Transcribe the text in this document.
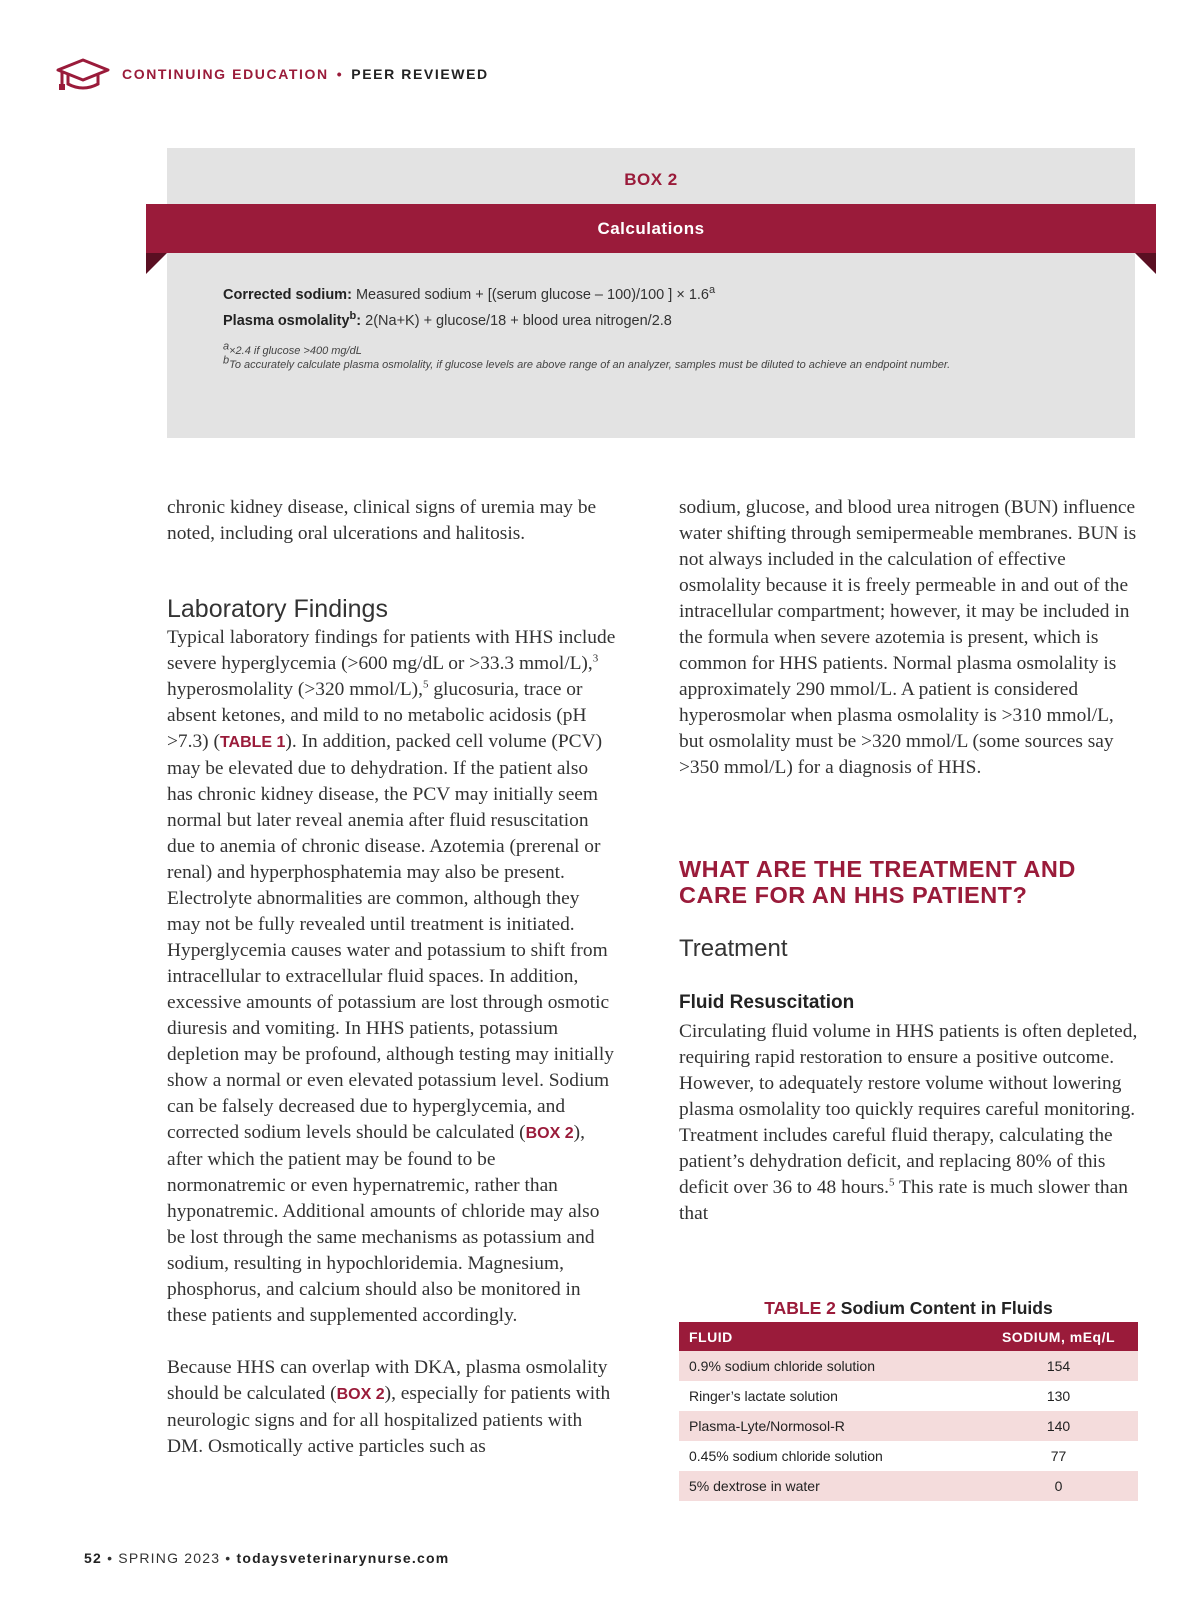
CONTINUING EDUCATION • PEER REVIEWED
BOX 2
Corrected sodium: Measured sodium + [(serum glucose – 100)/100 ] × 1.6$^a$
Plasma osmolality$^b$: 2(Na+K) + glucose/18 + blood urea nitrogen/2.8
$^a$×2.4 if glucose >400 mg/dL
$^b$To accurately calculate plasma osmolality, if glucose levels are above range of an analyzer, samples must be diluted to achieve an endpoint number.
Calculations

chronic kidney disease, clinical signs of uremia may be noted, including oral ulcerations and halitosis.

Laboratory Findings

Typical laboratory findings for patients with HHS include severe hyperglycemia (>600 mg/dL or >33.3 mmol/L),$^3$ hyperosmolality (>320 mmol/L),$^5$ glucosuria, trace or absent ketones, and mild to no metabolic acidosis (pH >7.3) (TABLE 1). In addition, packed cell volume (PCV) may be elevated due to dehydration. If the patient also has chronic kidney disease, the PCV may initially seem normal but later reveal anemia after fluid resuscitation due to anemia of chronic disease. Azotemia (prerenal or renal) and hyperphosphatemia may also be present. Electrolyte abnormalities are common, although they may not be fully revealed until treatment is initiated. Hyperglycemia causes water and potassium to shift from intracellular to extracellular fluid spaces. In addition, excessive amounts of potassium are lost through osmotic diuresis and vomiting. In HHS patients, potassium depletion may be profound, although testing may initially show a normal or even elevated potassium level. Sodium can be falsely decreased due to hyperglycemia, and corrected sodium levels should be calculated (BOX 2), after which the patient may be found to be normonatremic or even hypernatremic, rather than hyponatremic. Additional amounts of chloride may also be lost through the same mechanisms as potassium and sodium, resulting in hypochloridemia. Magnesium, phosphorus, and calcium should also be monitored in these patients and supplemented accordingly.

Because HHS can overlap with DKA, plasma osmolality should be calculated (BOX 2), especially for patients with neurologic signs and for all hospitalized patients with DM. Osmotically active particles such as

sodium, glucose, and blood urea nitrogen (BUN) influence water shifting through semipermeable membranes. BUN is not always included in the calculation of effective osmolality because it is freely permeable in and out of the intracellular compartment; however, it may be included in the formula when severe azotemia is present, which is common for HHS patients. Normal plasma osmolality is approximately 290 mmol/L. A patient is considered hyperosmolar when plasma osmolality is >310 mmol/L, but osmolality must be >320 mmol/L (some sources say >350 mmol/L) for a diagnosis of HHS.

WHAT ARE THE TREATMENT AND CARE FOR AN HHS PATIENT?
Treatment
Fluid Resuscitation

Circulating fluid volume in HHS patients is often depleted, requiring rapid restoration to ensure a positive outcome. However, to adequately restore volume without lowering plasma osmolality too quickly requires careful monitoring. Treatment includes careful fluid therapy, calculating the patient’s dehydration deficit, and replacing 80% of this deficit over 36 to 48 hours.$^5$ This rate is much slower than that

TABLE 2 Sodium Content in Fluids
FLUID	SODIUM, mEq/L
0.9% sodium chloride solution	154
Ringer’s lactate solution	130
Plasma-Lyte/Normosol-R	140
0.45% sodium chloride solution	77
5% dextrose in water	0
52 • SPRING 2023 • todaysveterinarynurse.com
